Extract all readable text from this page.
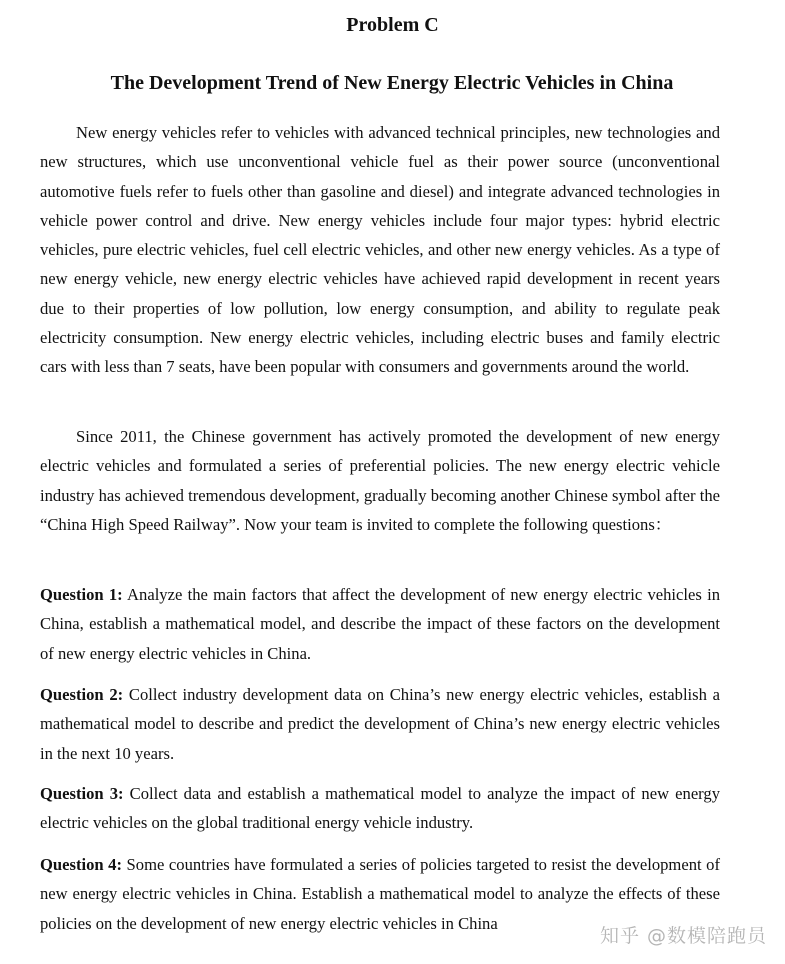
Problem C
The Development Trend of New Energy Electric Vehicles in China

New energy vehicles refer to vehicles with advanced technical principles, new technologies and new structures, which use unconventional vehicle fuel as their power source (unconventional automotive fuels refer to fuels other than gasoline and diesel) and integrate advanced technologies in vehicle power control and drive. New energy vehicles include four major types: hybrid electric vehicles, pure electric vehicles, fuel cell electric vehicles, and other new energy vehicles. As a type of new energy vehicle, new energy electric vehicles have achieved rapid development in recent years due to their properties of low pollution, low energy consumption, and ability to regulate peak electricity consumption. New energy electric vehicles, including electric buses and family electric cars with less than 7 seats, have been popular with consumers and governments around the world.

Since 2011, the Chinese government has actively promoted the development of new energy electric vehicles and formulated a series of preferential policies. The new energy electric vehicle industry has achieved tremendous development, gradually becoming another Chinese symbol after the “China High Speed Railway”. Now your team is invited to complete the following questions：

Question 1: Analyze the main factors that affect the development of new energy electric vehicles in China, establish a mathematical model, and describe the impact of these factors on the development of new energy electric vehicles in China.

Question 2: Collect industry development data on China’s new energy electric vehicles, establish a mathematical model to describe and predict the development of China’s new energy electric vehicles in the next 10 years.

Question 3: Collect data and establish a mathematical model to analyze the impact of new energy electric vehicles on the global traditional energy vehicle industry.

Question 4: Some countries have formulated a series of policies targeted to resist the development of new energy electric vehicles in China. Establish a mathematical model to analyze the effects of these policies on the development of new energy electric vehicles in China

知乎 @数模陪跑员
